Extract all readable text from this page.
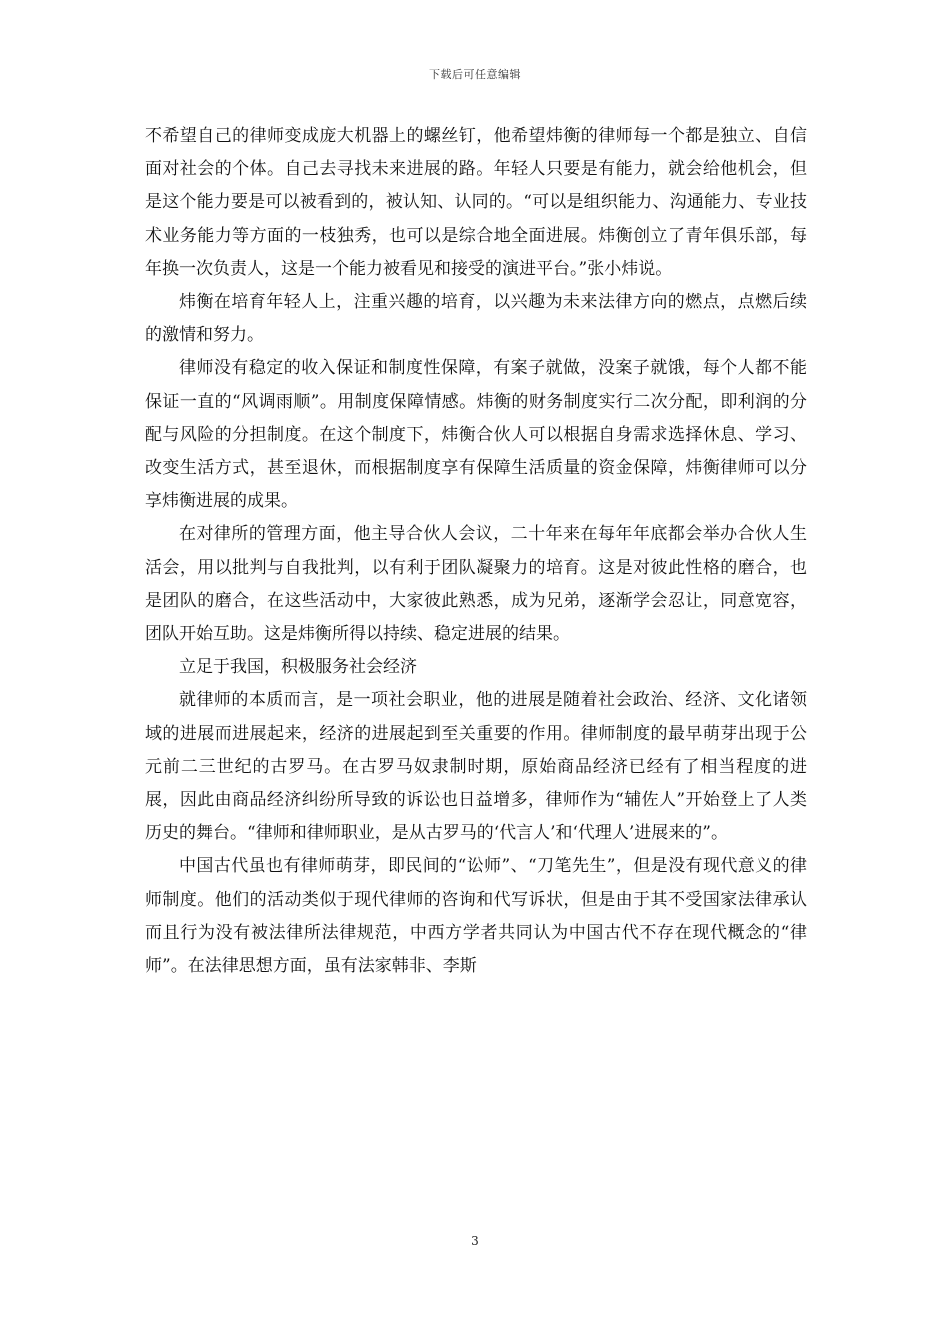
下载后可任意编辑

不希望自己的律师变成庞大机器上的螺丝钉，他希望炜衡的律师每一个都是独立、自信面对社会的个体。自己去寻找未来进展的路。年轻人只要是有能力，就会给他机会，但是这个能力要是可以被看到的，被认知、认同的。“可以是组织能力、沟通能力、专业技术业务能力等方面的一枝独秀，也可以是综合地全面进展。炜衡创立了青年俱乐部，每年换一次负责人，这是一个能力被看见和接受的演进平台。”张小炜说。

炜衡在培育年轻人上，注重兴趣的培育，以兴趣为未来法律方向的燃点，点燃后续的激情和努力。

律师没有稳定的收入保证和制度性保障，有案子就做，没案子就饿，每个人都不能保证一直的“风调雨顺”。用制度保障情感。炜衡的财务制度实行二次分配，即利润的分配与风险的分担制度。在这个制度下，炜衡合伙人可以根据自身需求选择休息、学习、改变生活方式，甚至退休，而根据制度享有保障生活质量的资金保障，炜衡律师可以分享炜衡进展的成果。

在对律所的管理方面，他主导合伙人会议，二十年来在每年年底都会举办合伙人生活会，用以批判与自我批判，以有利于团队凝聚力的培育。这是对彼此性格的磨合，也是团队的磨合，在这些活动中，大家彼此熟悉，成为兄弟，逐渐学会忍让，同意宽容，团队开始互助。这是炜衡所得以持续、稳定进展的结果。

立足于我国，积极服务社会经济

就律师的本质而言，是一项社会职业，他的进展是随着社会政治、经济、文化诸领域的进展而进展起来，经济的进展起到至关重要的作用。律师制度的最早萌芽出现于公元前二三世纪的古罗马。在古罗马奴隶制时期，原始商品经济已经有了相当程度的进展，因此由商品经济纠纷所导致的诉讼也日益增多，律师作为“辅佐人”开始登上了人类历史的舞台。“律师和律师职业，是从古罗马的‘代言人’和‘代理人’进展来的”。

中国古代虽也有律师萌芽，即民间的“讼师”、“刀笔先生”，但是没有现代意义的律师制度。他们的活动类似于现代律师的咨询和代写诉状，但是由于其不受国家法律承认而且行为没有被法律所法律规范，中西方学者共同认为中国古代不存在现代概念的“律师”。在法律思想方面，虽有法家韩非、李斯

3
